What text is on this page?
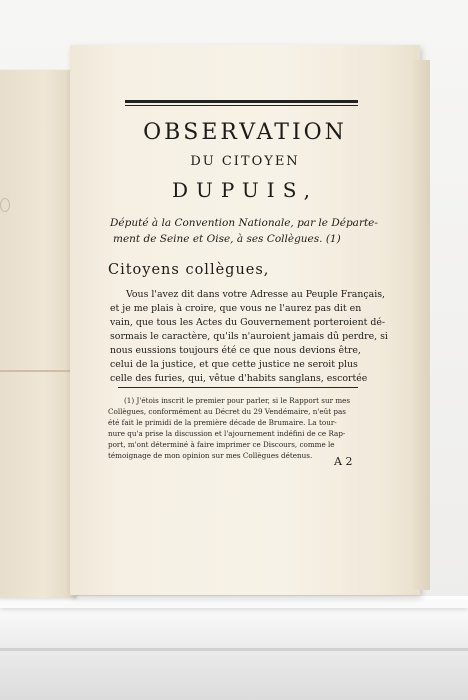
OBSERVATION
DU CITOYEN
DUPUIS,
Député à la Convention Nationale, par le Départe-
ment de Seine et Oise, à ses Collègues. (1)
Citoyens collègues,
Vous l'avez dit dans votre Adresse au Peuple Français,
et je me plais à croire, que vous ne l'aurez pas dit en
vain, que tous les Actes du Gouvernement porteroient dé-
sormais le caractère, qu'ils n'auroient jamais dû perdre, si
nous eussions toujours été ce que nous devions être,
celui de la justice, et que cette justice ne seroit plus
celle des furies, qui, vêtue d'habits sanglans, escortée
(1) J'étois inscrit le premier pour parler, si le Rapport sur mes
Collègues, conformément au Décret du 29 Vendémaire, n'eût pas
été fait le primidi de la première décade de Brumaire. La tour-
nure qu'a prise la discussion et l'ajournement indéfini de ce Rap-
port, m'ont déterminé à faire imprimer ce Discours, comme le
témoignage de mon opinion sur mes Collègues détenus. A 2
